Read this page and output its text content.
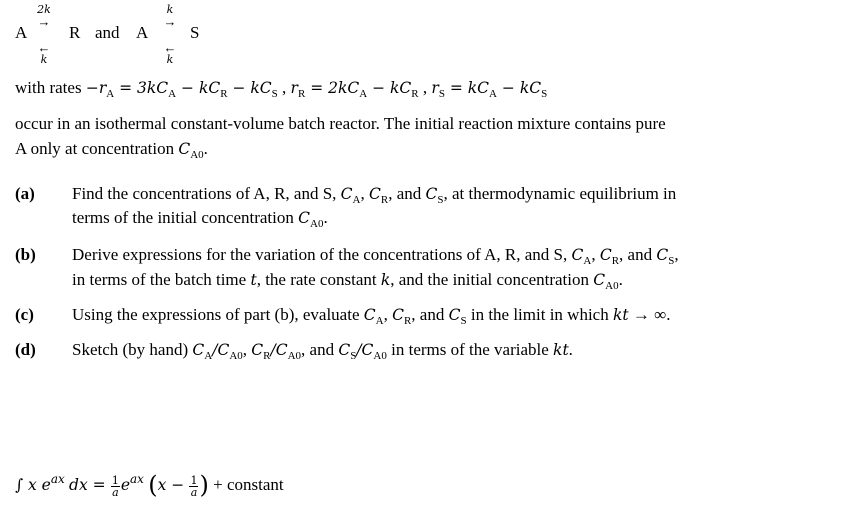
A
2k
→
←
k
R and A
k
→
←
k
S
with rates $-r_A = 3kC_A - kC_R - kC_S$ , $r_R = 2kC_A - kC_R$ , $r_S = kC_A - kC_S$
occur in an isothermal constant-volume batch reactor. The initial reaction mixture contains pure
A only at concentration $C_{A0}$.
(a) Find the concentrations of A, R, and S, $C_A$, $C_R$, and $C_S$, at thermodynamic equilibrium in
terms of the initial concentration $C_{A0}$.
(b) Derive expressions for the variation of the concentrations of A, R, and S, $C_A$, $C_R$, and $C_S$,
in terms of the batch time t, the rate constant k, and the initial concentration $C_{A0}$.
(c) Using the expressions of part (b), evaluate $C_A$, $C_R$, and $C_S$ in the limit in which kt → ∞.
(d) Sketch (by hand) $C_A/C_{A0}$, $C_R/C_{A0}$, and $C_S/C_{A0}$ in terms of the variable kt.
∫ x $e^{ax}$ dx = $\frac{1}{a} e^{ax}$ ($x - \frac{1}{a}$ ) + constant
